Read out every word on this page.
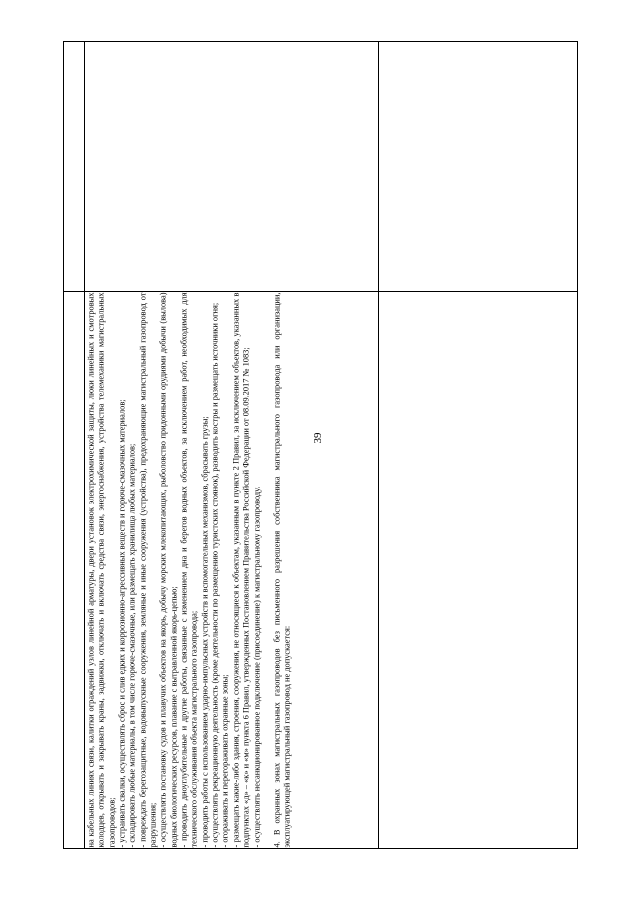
39

на кабельных линиях связи, калитки ограждений узлов линейной арматуры, двери установок электрохимической защиты, люки линейных и смотровых колодцев, открывать и закрывать краны, задвижки, отключать и включать средства связи, энергоснабжения, устройства телемеханики магистральных газопроводов; - устраивать свалки, осуществлять сброс и слив едких и коррозионно-агрессивных веществ и горюче-смазочных материалов; - складировать любые материалы, в том числе горюче-смазочные, или размещать хранилища любых материалов; - повреждать берегозащитные, водовыпускные сооружения, земляные и иные сооружения (устройства), предохраняющие магистральный газопровод от разрушения; - осуществлять постановку судов и плавучих объектов на якорь, добычу морских млекопитающих, рыболовство придонными орудиями добычи (вылова) водных биологических ресурсов, плавание с вытравленной якорь-цепью; - проводить дноуглубительные и другие работы, связанные с изменением дна и берегов водных объектов, за исключением работ, необходимых для технического обслуживания объекта магистрального газопровода; - проводить работы с использованием ударно-импульсных устройств и вспомогательных механизмов, сбрасывать грузы; - осуществлять рекреационную деятельность (кроме деятельности по размещению туристских стоянок), разводить костры и размещать источники огня; - огораживать и перегораживать охранные зоны; - размещать какие-либо здания, строения, сооружения, не относящиеся к объектам, указанным в пункте 2 Правил, за исключением объектов, указанных в подпунктах «д» – «к» и «м» пункта 6 Правил, утвержденных Постановлением Правительства Российской Федерации от 08.09.2017 № 1083; - осуществлять несанкционированное подключение (присоединение) к магистральному газопроводу. 4. В охранных зонах магистральных газопроводов без письменного разрешения собственника магистрального газопровода или организации, эксплуатирующей магистральный газопровод не допускается:
